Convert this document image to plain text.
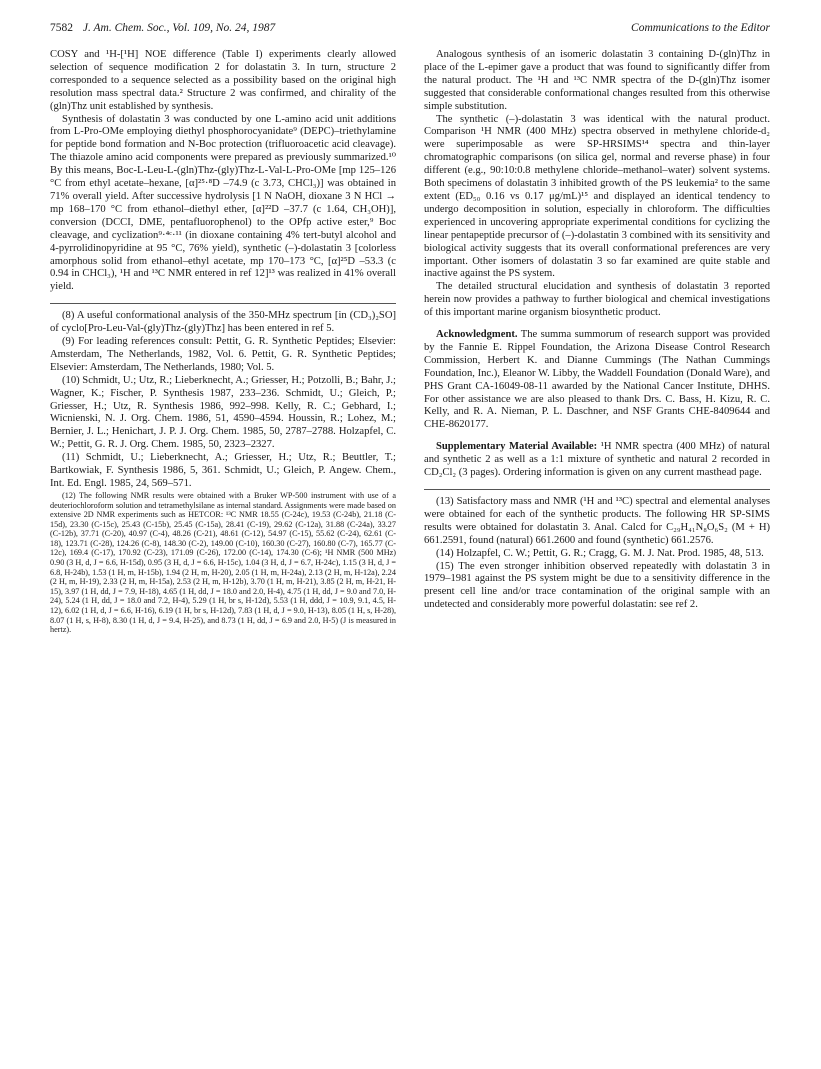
7582 J. Am. Chem. Soc., Vol. 109, No. 24, 1987	Communications to the Editor

COSY and ¹H-[¹H] NOE difference (Table I) experiments clearly allowed selection of sequence modification 2 for dolastatin 3. In turn, structure 2 corresponded to a sequence selected as a possibility based on the original high resolution mass spectral data.² Structure 2 was confirmed, and chirality of the (gln)Thz unit established by synthesis.

Synthesis of dolastatin 3 was conducted by one L-amino acid unit additions from L-Pro-OMe employing diethyl phosphorocyanidate⁹ (DEPC)–triethylamine for peptide bond formation and N-Boc protection (trifluoroacetic acid cleavage). The thiazole amino acid components were prepared as previously summarized.¹⁰ By this means, Boc-L-Leu-L-(gln)Thz-(gly)Thz-L-Val-L-Pro-OMe [mp 125–126 °C from ethyl acetate–hexane, [α]²⁵·⁸D –74.9 (c 3.73, CHCl₃)] was obtained in 71% overall yield. After successive hydrolysis [1 N NaOH, dioxane 3 N HCl → mp 168–170 °C from ethanol–diethyl ether, [α]²²D –37.7 (c 1.64, CH₃OH)], conversion (DCCI, DME, pentafluorophenol) to the OPfp active ester,⁹ Boc cleavage, and cyclization⁹·⁴ᶜ·¹¹ (in dioxane containing 4% tert-butyl alcohol and 4-pyrrolidinopyridine at 95 °C, 76% yield), synthetic (–)-dolastatin 3 [colorless amorphous solid from ethanol–ethyl acetate, mp 170–173 °C, [α]²⁵D –53.3 (c 0.94 in CHCl₃), ¹H and ¹³C NMR entered in ref 12]¹³ was realized in 41% overall yield.

(8) A useful conformational analysis of the 350-MHz spectrum [in (CD₃)₂SO] of cyclo[Pro-Leu-Val-(gly)Thz-(gly)Thz] has been entered in ref 5.

(9) For leading references consult: Pettit, G. R. Synthetic Peptides; Elsevier: Amsterdam, The Netherlands, 1982, Vol. 6. Pettit, G. R. Synthetic Peptides; Elsevier: Amsterdam, The Netherlands, 1980; Vol. 5.

(10) Schmidt, U.; Utz, R.; Lieberknecht, A.; Griesser, H.; Potzolli, B.; Bahr, J.; Wagner, K.; Fischer, P. Synthesis 1987, 233–236. Schmidt, U.; Gleich, P.; Griesser, H.; Utz, R. Synthesis 1986, 992–998. Kelly, R. C.; Gebhard, I.; Wicnienski, N. J. Org. Chem. 1986, 51, 4590–4594. Houssin, R.; Lohez, M.; Bernier, J. L.; Henichart, J. P. J. Org. Chem. 1985, 50, 2787–2788. Holzapfel, C. W.; Pettit, G. R. J. Org. Chem. 1985, 50, 2323–2327.

(11) Schmidt, U.; Lieberknecht, A.; Griesser, H.; Utz, R.; Beuttler, T.; Bartkowiak, F. Synthesis 1986, 5, 361. Schmidt, U.; Gleich, P. Angew. Chem., Int. Ed. Engl. 1985, 24, 569–571.

(12) The following NMR results were obtained with a Bruker WP-500 instrument with use of a deuteriochloroform solution and tetramethylsilane as internal standard. Assignments were made based on extensive 2D NMR experiments such as HETCOR: ¹³C NMR 18.55 (C-24c), 19.53 (C-24b), 21.18 (C-15d), 23.30 (C-15c), 25.43 (C-15b), 25.45 (C-15a), 28.41 (C-19), 29.62 (C-12a), 31.88 (C-24a), 33.27 (C-12b), 37.71 (C-20), 40.97 (C-4), 48.26 (C-21), 48.61 (C-12), 54.97 (C-15), 55.62 (C-24), 62.61 (C-18), 123.71 (C-28), 124.26 (C-8), 148.30 (C-2), 149.00 (C-10), 160.30 (C-27), 160.80 (C-7), 165.77 (C-12c), 169.4 (C-17), 170.92 (C-23), 171.09 (C-26), 172.00 (C-14), 174.30 (C-6); ¹H NMR (500 MHz) 0.90 (3 H, d, J = 6.6, H-15d), 0.95 (3 H, d, J = 6.6, H-15c), 1.04 (3 H, d, J = 6.7, H-24c), 1.15 (3 H, d, J = 6.8, H-24b), 1.53 (1 H, m, H-15b), 1.94 (2 H, m, H-20), 2.05 (1 H, m, H-24a), 2.13 (2 H, m, H-12a), 2.24 (2 H, m, H-19), 2.33 (2 H, m, H-15a), 2.53 (2 H, m, H-12b), 3.70 (1 H, m, H-21), 3.85 (2 H, m, H-21, H-15), 3.97 (1 H, dd, J = 7.9, H-18), 4.65 (1 H, dd, J = 18.0 and 2.0, H-4), 4.75 (1 H, dd, J = 9.0 and 7.0, H-24), 5.24 (1 H, dd, J = 18.0 and 7.2, H-4), 5.29 (1 H, br s, H-12d), 5.53 (1 H, ddd, J = 10.9, 9.1, 4.5, H-12), 6.02 (1 H, d, J = 6.6, H-16), 6.19 (1 H, br s, H-12d), 7.83 (1 H, d, J = 9.0, H-13), 8.05 (1 H, s, H-28), 8.07 (1 H, s, H-8), 8.30 (1 H, d, J = 9.4, H-25), and 8.73 (1 H, dd, J = 6.9 and 2.0, H-5) (J is measured in hertz).

Analogous synthesis of an isomeric dolastatin 3 containing D-(gln)Thz in place of the L-epimer gave a product that was found to significantly differ from the natural product. The ¹H and ¹³C NMR spectra of the D-(gln)Thz isomer suggested that considerable conformational changes resulted from this otherwise simple substitution.

The synthetic (–)-dolastatin 3 was identical with the natural product. Comparison ¹H NMR (400 MHz) spectra observed in methylene chloride-d₂ were superimposable as were SP-HRSIMS¹⁴ spectra and thin-layer chromatographic comparisons (on silica gel, normal and reverse phase) in four different (e.g., 90:10:0.8 methylene chloride–methanol–water) solvent systems. Both specimens of dolastatin 3 inhibited growth of the PS leukemia² to the same extent (ED₅₀ 0.16 vs 0.17 μg/mL)¹⁵ and displayed an identical tendency to undergo decomposition in solution, especially in chloroform. The difficulties experienced in uncovering appropriate experimental conditions for cyclizing the linear pentapeptide precursor of (–)-dolastatin 3 combined with its sensitivity and biological activity suggests that its overall conformational preferences are very important. Other isomers of dolastatin 3 so far examined are quite stable and inactive against the PS system.

The detailed structural elucidation and synthesis of dolastatin 3 reported herein now provides a pathway to further biological and chemical investigations of this important marine organism biosynthetic product.

Acknowledgment. The summa summorum of research support was provided by the Fannie E. Rippel Foundation, the Arizona Disease Control Research Commission, Herbert K. and Dianne Cummings (The Nathan Cummings Foundation, Inc.), Eleanor W. Libby, the Waddell Foundation (Donald Ware), and PHS Grant CA-16049-08-11 awarded by the National Cancer Institute, DHHS. For other assistance we are also pleased to thank Drs. C. Bass, H. Kizu, R. C. Kelly, and R. A. Nieman, P. L. Daschner, and NSF Grants CHE-8409644 and CHE-8620177.

Supplementary Material Available: ¹H NMR spectra (400 MHz) of natural and synthetic 2 as well as a 1:1 mixture of synthetic and natural 2 recorded in CD₂Cl₂ (3 pages). Ordering information is given on any current masthead page.

(13) Satisfactory mass and NMR (¹H and ¹³C) spectral and elemental analyses were obtained for each of the synthetic products. The following HR SP-SIMS results were obtained for dolastatin 3. Anal. Calcd for C₂₉H₄₁N₈O₆S₂ (M + H) 661.2591, found (natural) 661.2600 and found (synthetic) 661.2576.

(14) Holzapfel, C. W.; Pettit, G. R.; Cragg, G. M. J. Nat. Prod. 1985, 48, 513.

(15) The even stronger inhibition observed repeatedly with dolastatin 3 in 1979–1981 against the PS system might be due to a sensitivity difference in the present cell line and/or trace contamination of the original sample with an undetected and considerably more powerful dolastatin: see ref 2.
